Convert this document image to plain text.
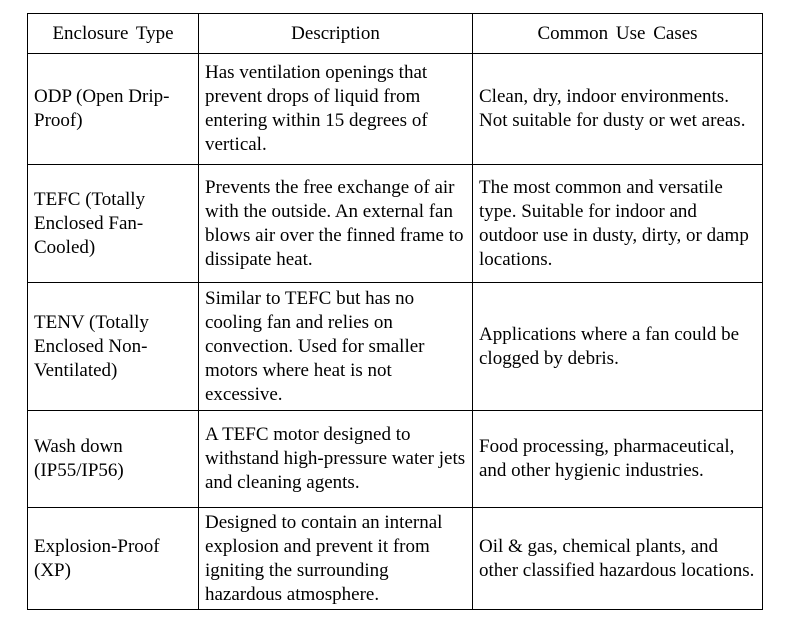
Enclosure Type	Description	Common Use Cases
ODP (Open Drip-Proof)	Has ventilation openings that prevent drops of liquid from entering within 15 degrees of vertical.	Clean, dry, indoor environments. Not suitable for dusty or wet areas.
TEFC (Totally Enclosed Fan-Cooled)	Prevents the free exchange of air with the outside. An external fan blows air over the finned frame to dissipate heat.	The most common and versatile type. Suitable for indoor and outdoor use in dusty, dirty, or damp locations.
TENV (Totally Enclosed Non-Ventilated)	Similar to TEFC but has no cooling fan and relies on convection. Used for smaller motors where heat is not excessive.	Applications where a fan could be clogged by debris.
Wash down (IP55/IP56)	A TEFC motor designed to withstand high-pressure water jets and cleaning agents.	Food processing, pharmaceutical, and other hygienic industries.
Explosion-Proof (XP)	Designed to contain an internal explosion and prevent it from igniting the surrounding hazardous atmosphere.	Oil & gas, chemical plants, and other classified hazardous locations.
